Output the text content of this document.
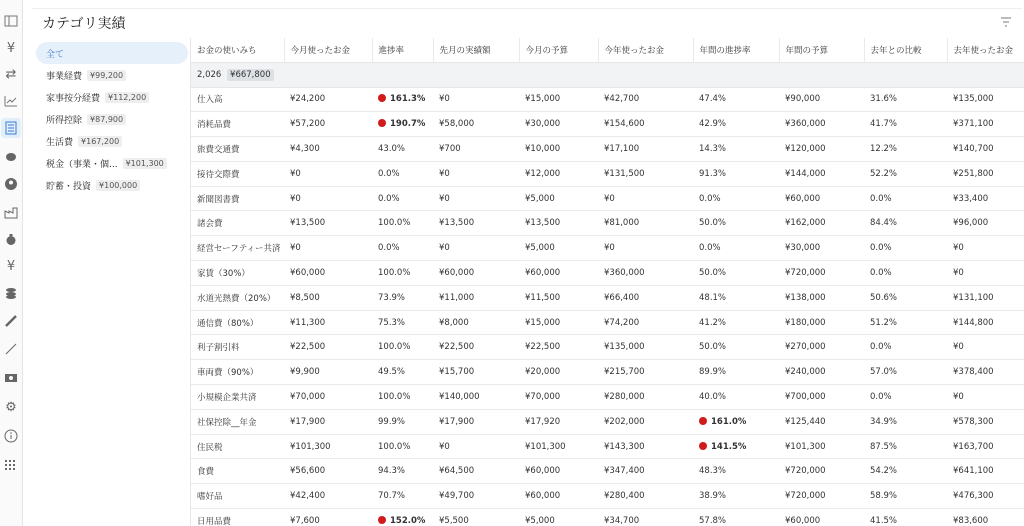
¥
⇄
¥
⚙
カテゴリ実績
全て
事業経費	¥99,200
家事按分経費	¥112,200
所得控除	¥87,900
生活費	¥167,200
税金（事業・個...	¥101,300
貯蓄・投資	¥100,000
お金の使いみち	今月使ったお金	進捗率	先月の実績額	今月の予算	今年使ったお金	年間の進捗率	年間の予算	去年との比較	去年使ったお金
2,026 ¥667,800									
仕入高	¥24,200	161.3%	¥0	¥15,000	¥42,700	47.4%	¥90,000	31.6%	¥135,000
消耗品費	¥57,200	190.7%	¥58,000	¥30,000	¥154,600	42.9%	¥360,000	41.7%	¥371,100
旅費交通費	¥4,300	43.0%	¥700	¥10,000	¥17,100	14.3%	¥120,000	12.2%	¥140,700
接待交際費	¥0	0.0%	¥0	¥12,000	¥131,500	91.3%	¥144,000	52.2%	¥251,800
新聞図書費	¥0	0.0%	¥0	¥5,000	¥0	0.0%	¥60,000	0.0%	¥33,400
諸会費	¥13,500	100.0%	¥13,500	¥13,500	¥81,000	50.0%	¥162,000	84.4%	¥96,000
経営セーフティー共済	¥0	0.0%	¥0	¥5,000	¥0	0.0%	¥30,000	0.0%	¥0
家賃（30%）	¥60,000	100.0%	¥60,000	¥60,000	¥360,000	50.0%	¥720,000	0.0%	¥0
水道光熱費（20%）	¥8,500	73.9%	¥11,000	¥11,500	¥66,400	48.1%	¥138,000	50.6%	¥131,100
通信費（80%）	¥11,300	75.3%	¥8,000	¥15,000	¥74,200	41.2%	¥180,000	51.2%	¥144,800
利子割引料	¥22,500	100.0%	¥22,500	¥22,500	¥135,000	50.0%	¥270,000	0.0%	¥0
車両費（90%）	¥9,900	49.5%	¥15,700	¥20,000	¥215,700	89.9%	¥240,000	57.0%	¥378,400
小規模企業共済	¥70,000	100.0%	¥140,000	¥70,000	¥280,000	40.0%	¥700,000	0.0%	¥0
社保控除__年金	¥17,900	99.9%	¥17,900	¥17,920	¥202,000	161.0%	¥125,440	34.9%	¥578,300
住民税	¥101,300	100.0%	¥0	¥101,300	¥143,300	141.5%	¥101,300	87.5%	¥163,700
食費	¥56,600	94.3%	¥64,500	¥60,000	¥347,400	48.3%	¥720,000	54.2%	¥641,100
嗜好品	¥42,400	70.7%	¥49,700	¥60,000	¥280,400	38.9%	¥720,000	58.9%	¥476,300
日用品費	¥7,600	152.0%	¥5,500	¥5,000	¥34,700	57.8%	¥60,000	41.5%	¥83,600
